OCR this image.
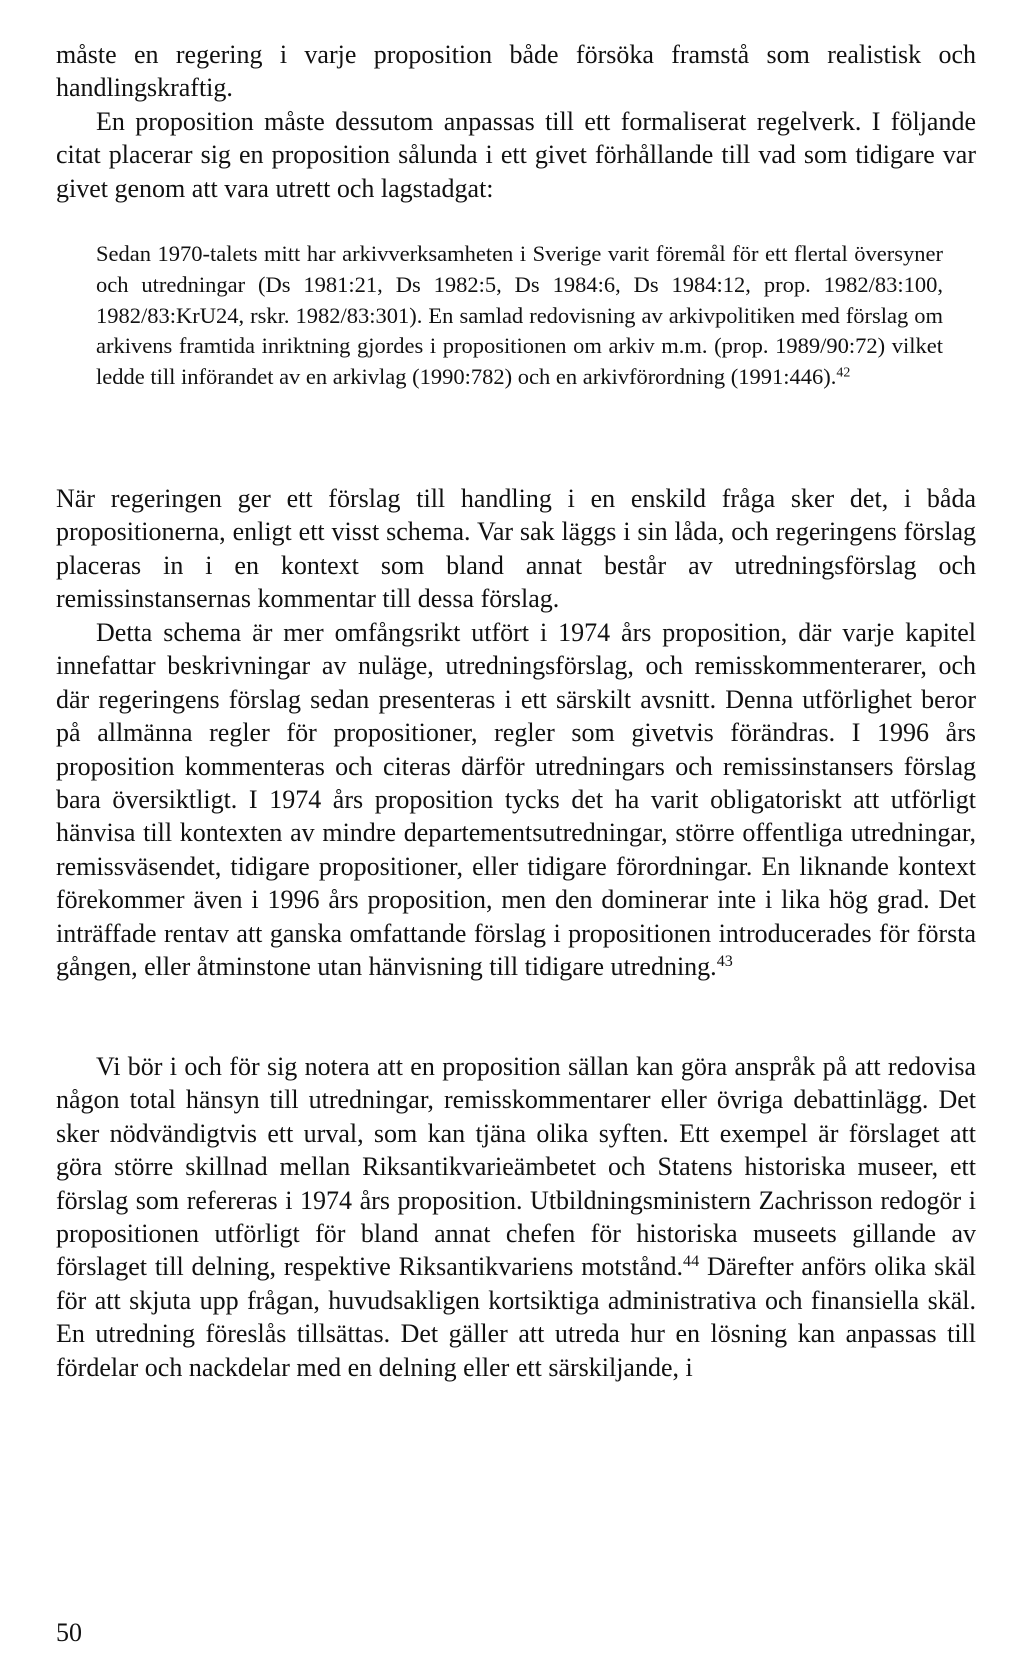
måste en regering i varje proposition både försöka framstå som realistisk och handlingskraftig.

En proposition måste dessutom anpassas till ett formaliserat regelverk. I följande citat placerar sig en proposition sålunda i ett givet förhållande till vad som tidigare var givet genom att vara utrett och lagstadgat:

Sedan 1970-talets mitt har arkivverksamheten i Sverige varit föremål för ett flertal översyner och utredningar (Ds 1981:21, Ds 1982:5, Ds 1984:6, Ds 1984:12, prop. 1982/83:100, 1982/83:KrU24, rskr. 1982/83:301). En samlad redovisning av arkivpolitiken med förslag om arkivens framtida inriktning gjordes i propositionen om arkiv m.m. (prop. 1989/90:72) vilket ledde till införandet av en arkivlag (1990:782) och en arkivförordning (1991:446).$^{42}$

När regeringen ger ett förslag till handling i en enskild fråga sker det, i båda propositionerna, enligt ett visst schema. Var sak läggs i sin låda, och regeringens förslag placeras in i en kontext som bland annat består av utredningsförslag och remissinstansernas kommentar till dessa förslag.

Detta schema är mer omfångsrikt utfört i 1974 års proposition, där varje kapitel innefattar beskrivningar av nuläge, utredningsförslag, och remisskommenterarer, och där regeringens förslag sedan presenteras i ett särskilt avsnitt. Denna utförlighet beror på allmänna regler för propositioner, regler som givetvis förändras. I 1996 års proposition kommenteras och citeras därför utredningars och remissinstansers förslag bara översiktligt. I 1974 års proposition tycks det ha varit obligatoriskt att utförligt hänvisa till kontexten av mindre departementsutredningar, större offentliga utredningar, remissväsendet, tidigare propositioner, eller tidigare förordningar. En liknande kontext förekommer även i 1996 års proposition, men den dominerar inte i lika hög grad. Det inträffade rentav att ganska omfattande förslag i propositionen introducerades för första gången, eller åtminstone utan hänvisning till tidigare utredning.$^{43}$

Vi bör i och för sig notera att en proposition sällan kan göra anspråk på att redovisa någon total hänsyn till utredningar, remisskommentarer eller övriga debattinlägg. Det sker nödvändigtvis ett urval, som kan tjäna olika syften. Ett exempel är förslaget att göra större skillnad mellan Riksantikvarieämbetet och Statens historiska museer, ett förslag som refereras i 1974 års proposition. Utbildningsministern Zachrisson redogör i propositionen utförligt för bland annat chefen för historiska museets gillande av förslaget till delning, respektive Riksantikvariens motstånd.$^{44}$ Därefter anförs olika skäl för att skjuta upp frågan, huvudsakligen kortsiktiga administrativa och finansiella skäl. En utredning föreslås tillsättas. Det gäller att utreda hur en lösning kan anpassas till fördelar och nackdelar med en delning eller ett särskiljande, i

50
